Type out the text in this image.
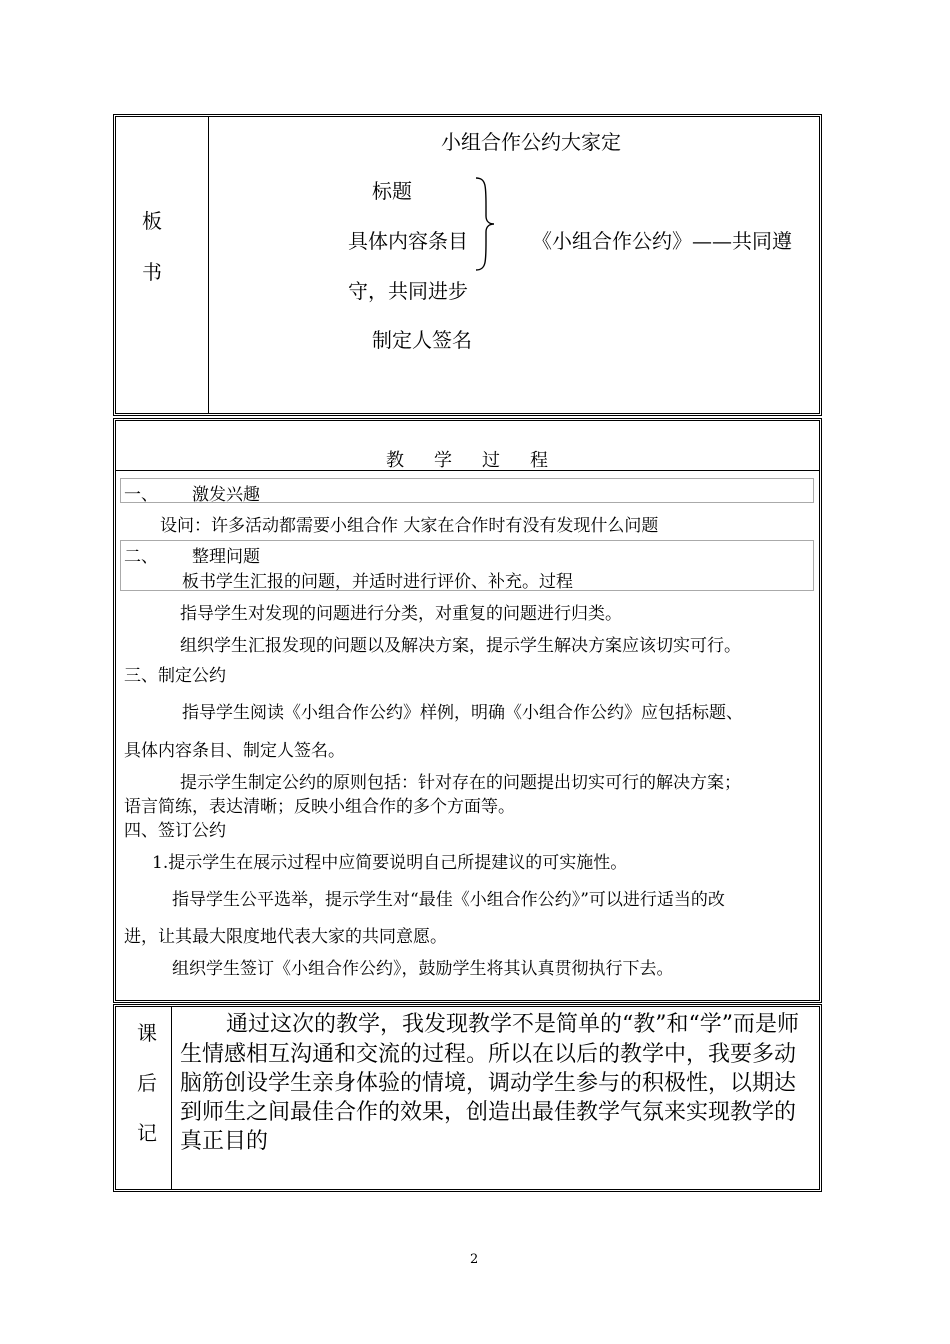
板
书
小组合作公约大家定
标题
具体内容条目
守，共同进步
制定人签名
《小组合作公约》——共同遵
教 学 过 程
一、 激发兴趣
设问：许多活动都需要小组合作 大家在合作时有没有发现什么问题
二、 整理问题
板书学生汇报的问题，并适时进行评价、补充。过程
指导学生对发现的问题进行分类，对重复的问题进行归类。
组织学生汇报发现的问题以及解决方案，提示学生解决方案应该切实可行。
三、制定公约
指导学生阅读《小组合作公约》样例，明确《小组合作公约》应包括标题、
具体内容条目、制定人签名。
提示学生制定公约的原则包括：针对存在的问题提出切实可行的解决方案；
语言简练，表达清晰；反映小组合作的多个方面等。
四、签订公约
1.提示学生在展示过程中应简要说明自己所提建议的可实施性。
指导学生公平选举，提示学生对“最佳《小组合作公约》”可以进行适当的改
进，让其最大限度地代表大家的共同意愿。
组织学生签订《小组合作公约》，鼓励学生将其认真贯彻执行下去。
课
后
记
通过这次的教学，我发现教学不是简单的“教”和“学”而是师
生情感相互沟通和交流的过程。所以在以后的教学中，我要多动
脑筋创设学生亲身体验的情境，调动学生参与的积极性，以期达
到师生之间最佳合作的效果，创造出最佳教学气氛来实现教学的
真正目的
2
